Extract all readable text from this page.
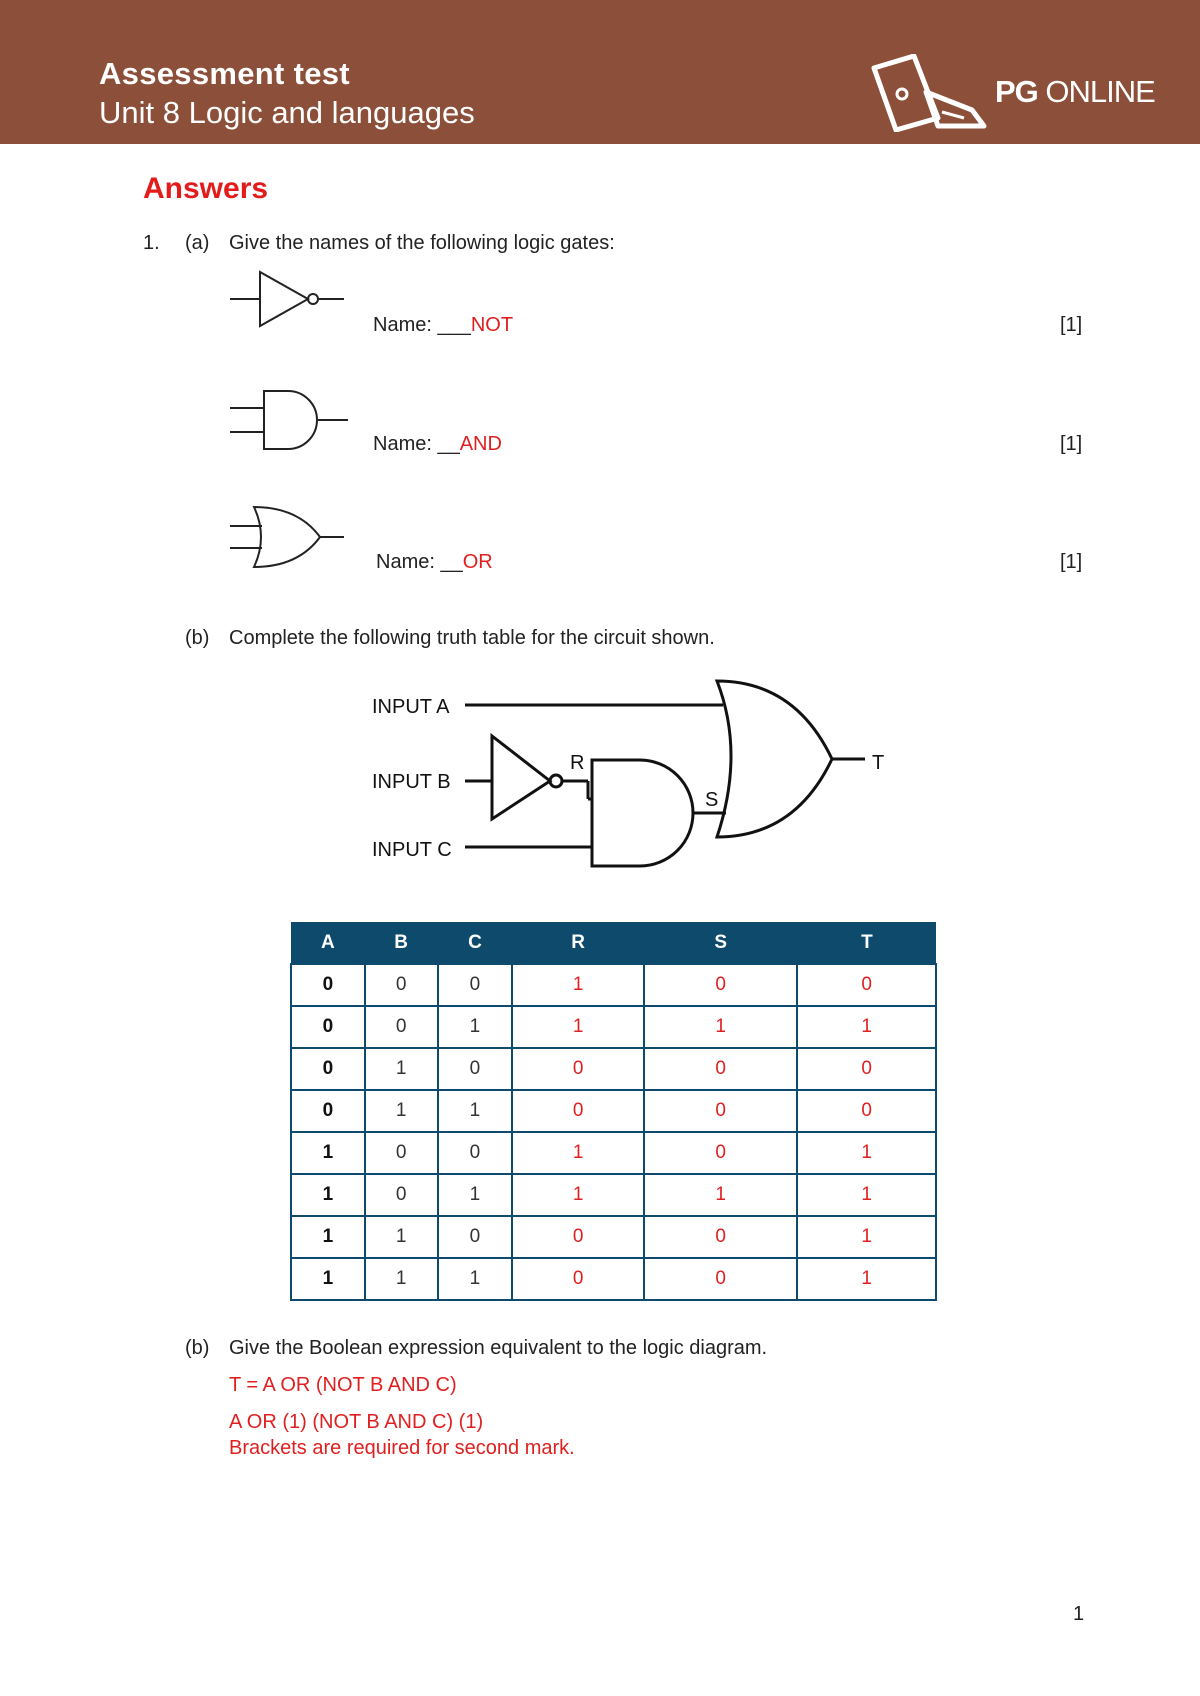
Assessment test
Unit 8 Logic and languages
PG ONLINE
Answers
1. (a) Give the names of the following logic gates:
Name: ___NOT	[1]
Name: __AND	[1]
Name: __OR	[1]
(b) Complete the following truth table for the circuit shown.
INPUT A
INPUT B
INPUT C
R
S
T
A	B	C	R	S	T
0	0	0	1	0	0
0	0	1	1	1	1
0	1	0	0	0	0
0	1	1	0	0	0
1	0	0	1	0	1
1	0	1	1	1	1
1	1	0	0	0	1
1	1	1	0	0	1
(b) Give the Boolean expression equivalent to the logic diagram.
T = A OR (NOT B AND C)
A OR (1) (NOT B AND C) (1)
Brackets are required for second mark.
1
